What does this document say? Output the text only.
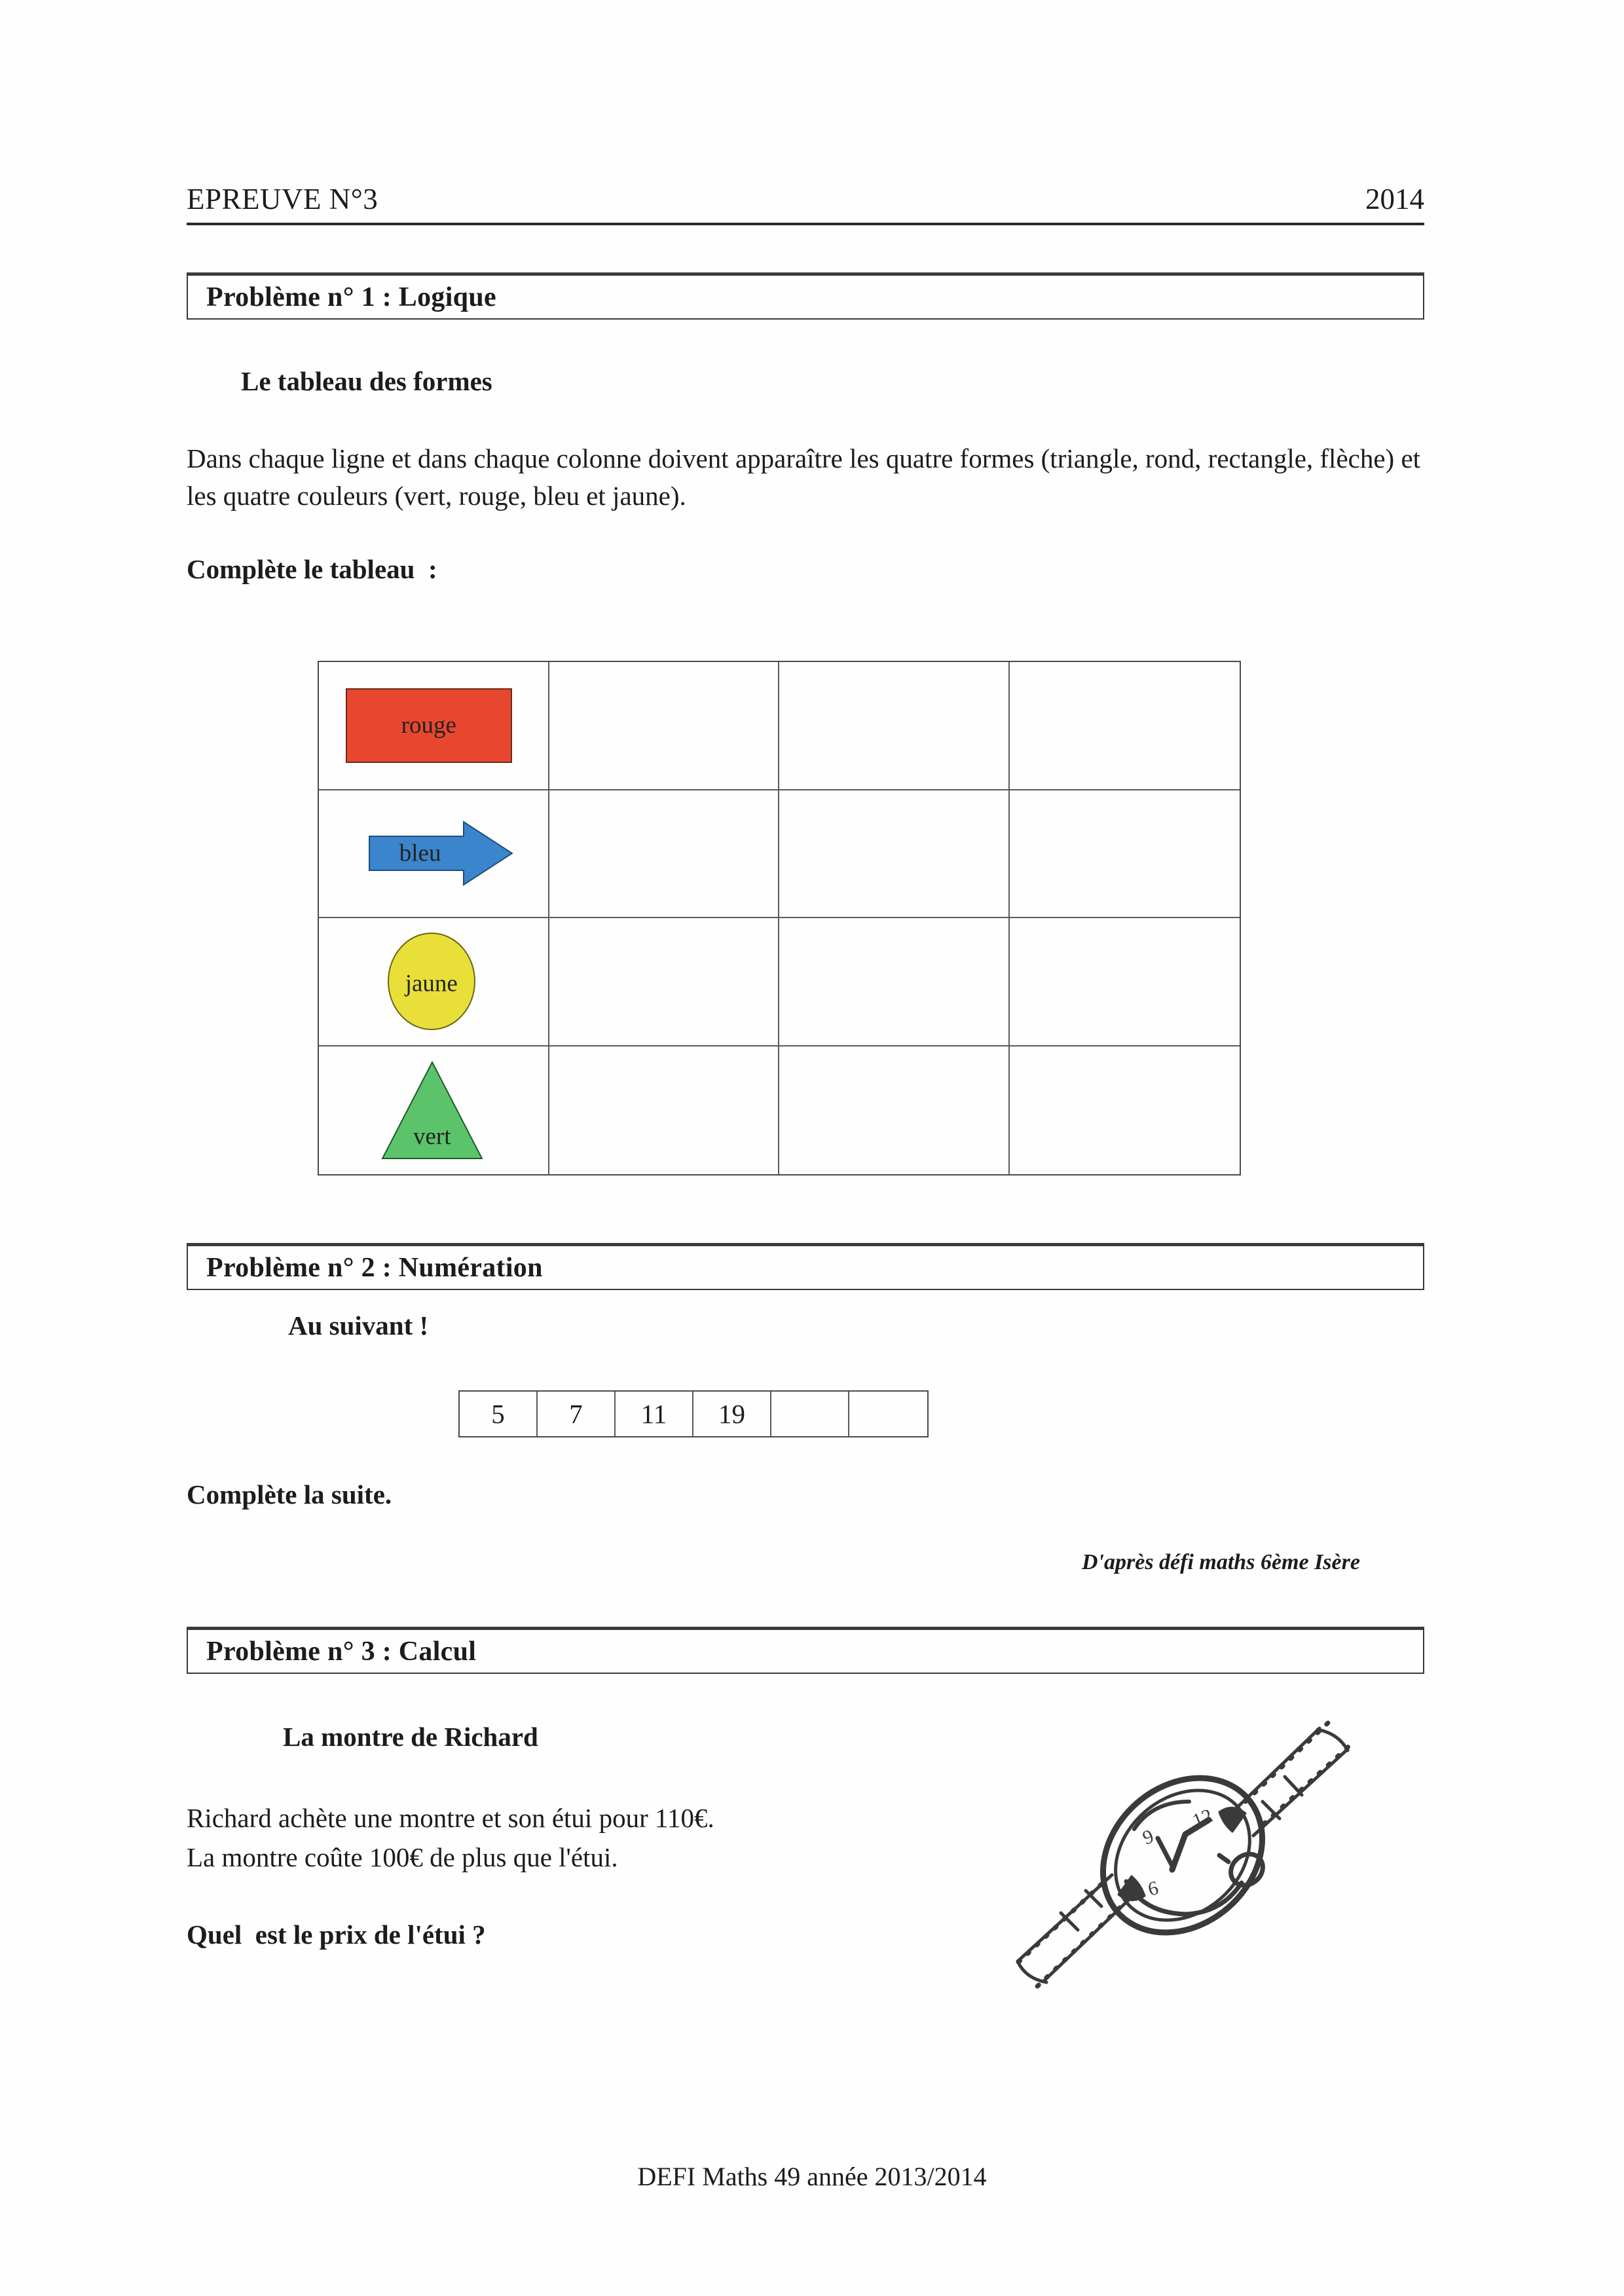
EPREUVE N°3	2014
Problème n° 1 : Logique
Le tableau des formes
Dans chaque ligne et dans chaque colonne doivent apparaître les quatre formes (triangle, rond, rectangle, flèche) et les quatre couleurs (vert, rouge, bleu et jaune).
Complète le tableau  :
rouge
bleu
jaune
vert
Problème n° 2 : Numération
Au suivant !
5	7	11	19
Complète la suite.
D'après défi maths 6ème Isère
Problème n° 3 : Calcul
La montre de Richard
Richard achète une montre et son étui pour 110€.
La montre coûte 100€ de plus que l'étui.
Quel  est le prix de l'étui ?
12
9
6
DEFI Maths 49 année 2013/2014
